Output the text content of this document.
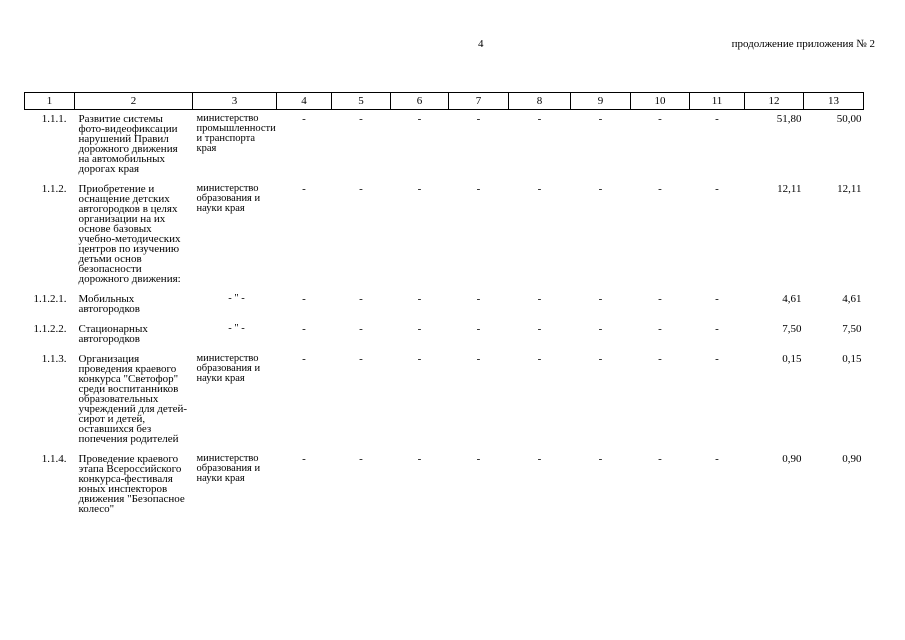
4	продолжение приложения № 2
1	2	3	4	5	6	7	8	9	10	11	12	13
1.1.1.	Развитие системы фото-видеофиксации нарушений Правил дорожного движения на автомобильных дорогах края	министерство промышленности и транспорта края	-	-	-	-	-	-	-	-	51,80	50,00
1.1.2.	Приобретение и оснащение детских автогородков в целях организации на их основе базовых учебно-методических центров по изучению детьми основ безопасности дорожного движения:	министерство образования и науки края	-	-	-	-	-	-	-	-	12,11	12,11
1.1.2.1.	Мобильных автогородков	- " -	-	-	-	-	-	-	-	-	4,61	4,61
1.1.2.2.	Стационарных автогородков	- " -	-	-	-	-	-	-	-	-	7,50	7,50
1.1.3.	Организация проведения краевого конкурса "Светофор" среди воспитанников образовательных учреждений для детей-сирот и детей, оставшихся без попечения родителей	министерство образования и науки края	-	-	-	-	-	-	-	-	0,15	0,15
1.1.4.	Проведение краевого этапа Всероссийского конкурса-фестиваля юных инспекторов движения "Безопасное колесо"	министерство образования и науки края	-	-	-	-	-	-	-	-	0,90	0,90
